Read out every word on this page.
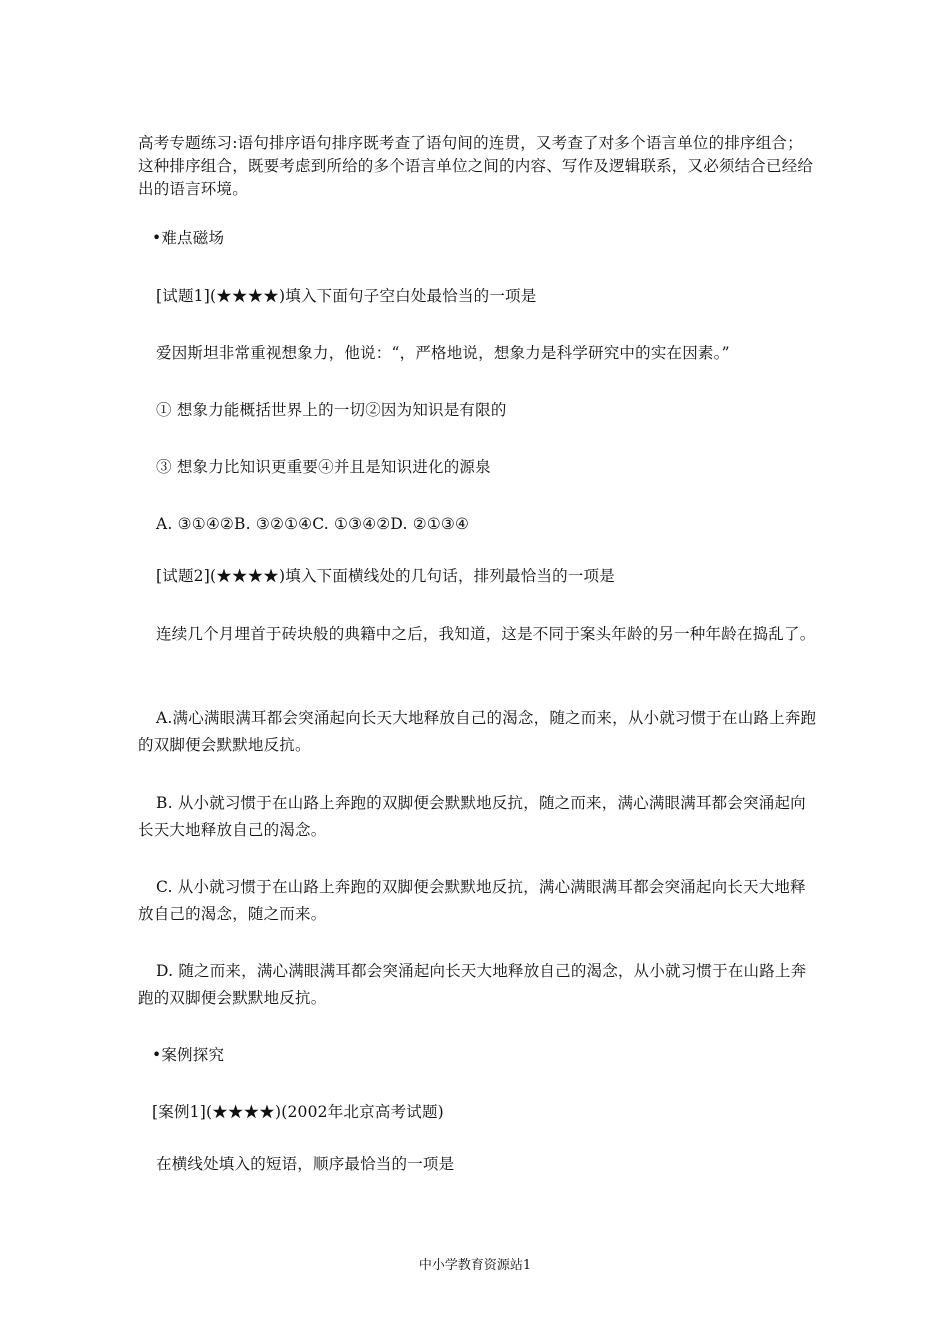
高考专题练习:语句排序语句排序既考查了语句间的连贯，又考查了对多个语言单位的排序组合；这种排序组合，既要考虑到所给的多个语言单位之间的内容、写作及逻辑联系，又必须结合已经给出的语言环境。

•难点磁场

[试题1](★★★★)填入下面句子空白处最恰当的一项是

爱因斯坦非常重视想象力，他说：“，严格地说，想象力是科学研究中的实在因素。”

① 想象力能概括世界上的一切②因为知识是有限的

③ 想象力比知识更重要④并且是知识进化的源泉

A. ③①④②B. ③②①④C. ①③④②D. ②①③④

[试题2](★★★★)填入下面横线处的几句话，排列最恰当的一项是

连续几个月埋首于砖块般的典籍中之后，我知道，这是不同于案头年龄的另一种年龄在捣乱了。

A.满心满眼满耳都会突涌起向长天大地释放自己的渴念，随之而来，从小就习惯于在山路上奔跑的双脚便会默默地反抗。

B. 从小就习惯于在山路上奔跑的双脚便会默默地反抗，随之而来，满心满眼满耳都会突涌起向长天大地释放自己的渴念。

C. 从小就习惯于在山路上奔跑的双脚便会默默地反抗，满心满眼满耳都会突涌起向长天大地释放自己的渴念，随之而来。

D. 随之而来，满心满眼满耳都会突涌起向长天大地释放自己的渴念，从小就习惯于在山路上奔跑的双脚便会默默地反抗。

•案例探究

[案例1](★★★★)(2002年北京高考试题)

在横线处填入的短语，顺序最恰当的一项是

中小学教育资源站1
